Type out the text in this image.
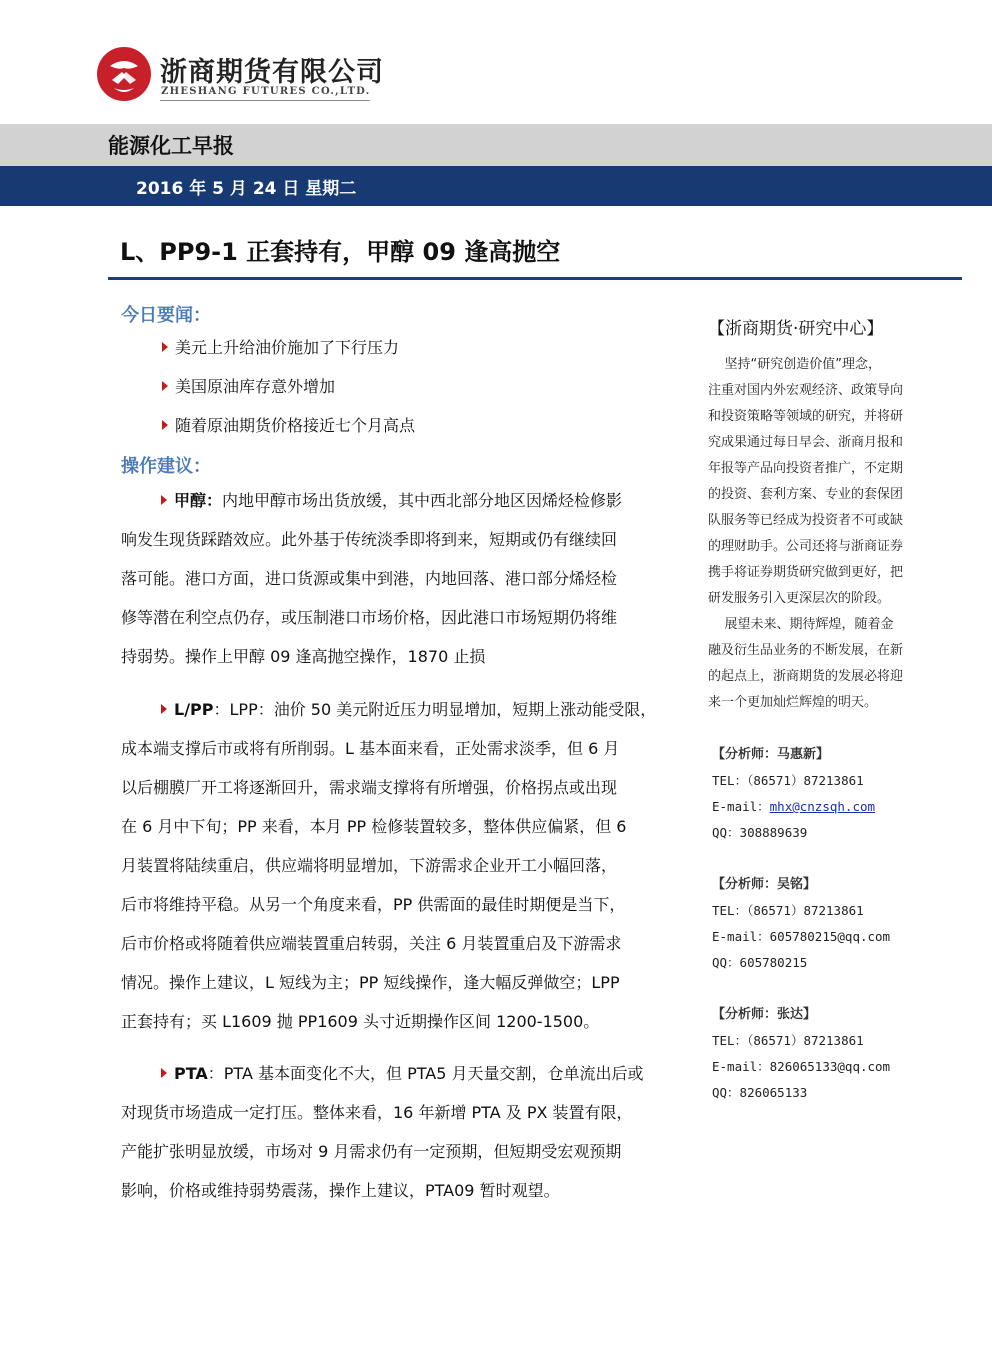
浙商期货有限公司
ZHESHANG FUTURES CO.,LTD.
能源化工早报
2016 年 5 月 24 日 星期二
L、PP9-1 正套持有，甲醇 09 逢高抛空
今日要闻：
美元上升给油价施加了下行压力
美国原油库存意外增加
随着原油期货价格接近七个月高点
操作建议：
甲醇：内地甲醇市场出货放缓，其中西北部分地区因烯烃检修影
响发生现货踩踏效应。此外基于传统淡季即将到来，短期或仍有继续回
落可能。港口方面，进口货源或集中到港，内地回落、港口部分烯烃检
修等潜在利空点仍存，或压制港口市场价格，因此港口市场短期仍将维
持弱势。操作上甲醇 09 逢高抛空操作，1870 止损
L/PP：LPP：油价 50 美元附近压力明显增加，短期上涨动能受限，
成本端支撑后市或将有所削弱。L 基本面来看，正处需求淡季，但 6 月
以后棚膜厂开工将逐渐回升，需求端支撑将有所增强，价格拐点或出现
在 6 月中下旬；PP 来看，本月 PP 检修装置较多，整体供应偏紧，但 6
月装置将陆续重启，供应端将明显增加，下游需求企业开工小幅回落，
后市将维持平稳。从另一个角度来看，PP 供需面的最佳时期便是当下，
后市价格或将随着供应端装置重启转弱，关注 6 月装置重启及下游需求
情况。操作上建议，L 短线为主；PP 短线操作，逢大幅反弹做空；LPP
正套持有；买 L1609 抛 PP1609 头寸近期操作区间 1200-1500。
PTA：PTA 基本面变化不大，但 PTA5 月天量交割，仓单流出后或
对现货市场造成一定打压。整体来看，16 年新增 PTA 及 PX 装置有限，
产能扩张明显放缓，市场对 9 月需求仍有一定预期，但短期受宏观预期
影响，价格或维持弱势震荡，操作上建议，PTA09 暂时观望。
【浙商期货·研究中心】
坚持“研究创造价值”理念，
注重对国内外宏观经济、政策导向
和投资策略等领域的研究，并将研
究成果通过每日早会、浙商月报和
年报等产品向投资者推广，不定期
的投资、套利方案、专业的套保团
队服务等已经成为投资者不可或缺
的理财助手。公司还将与浙商证券
携手将证券期货研究做到更好，把
研发服务引入更深层次的阶段。
展望未来、期待辉煌，随着金
融及衍生品业务的不断发展，在新
的起点上，浙商期货的发展必将迎
来一个更加灿烂辉煌的明天。
【分析师：马惠新】
TEL：（86571）87213861
E-mail：mhx@cnzsqh.com
QQ：308889639
【分析师：吴铭】
TEL：（86571）87213861
E-mail：605780215@qq.com
QQ：605780215
【分析师：张达】
TEL：（86571）87213861
E-mail：826065133@qq.com
QQ：826065133
